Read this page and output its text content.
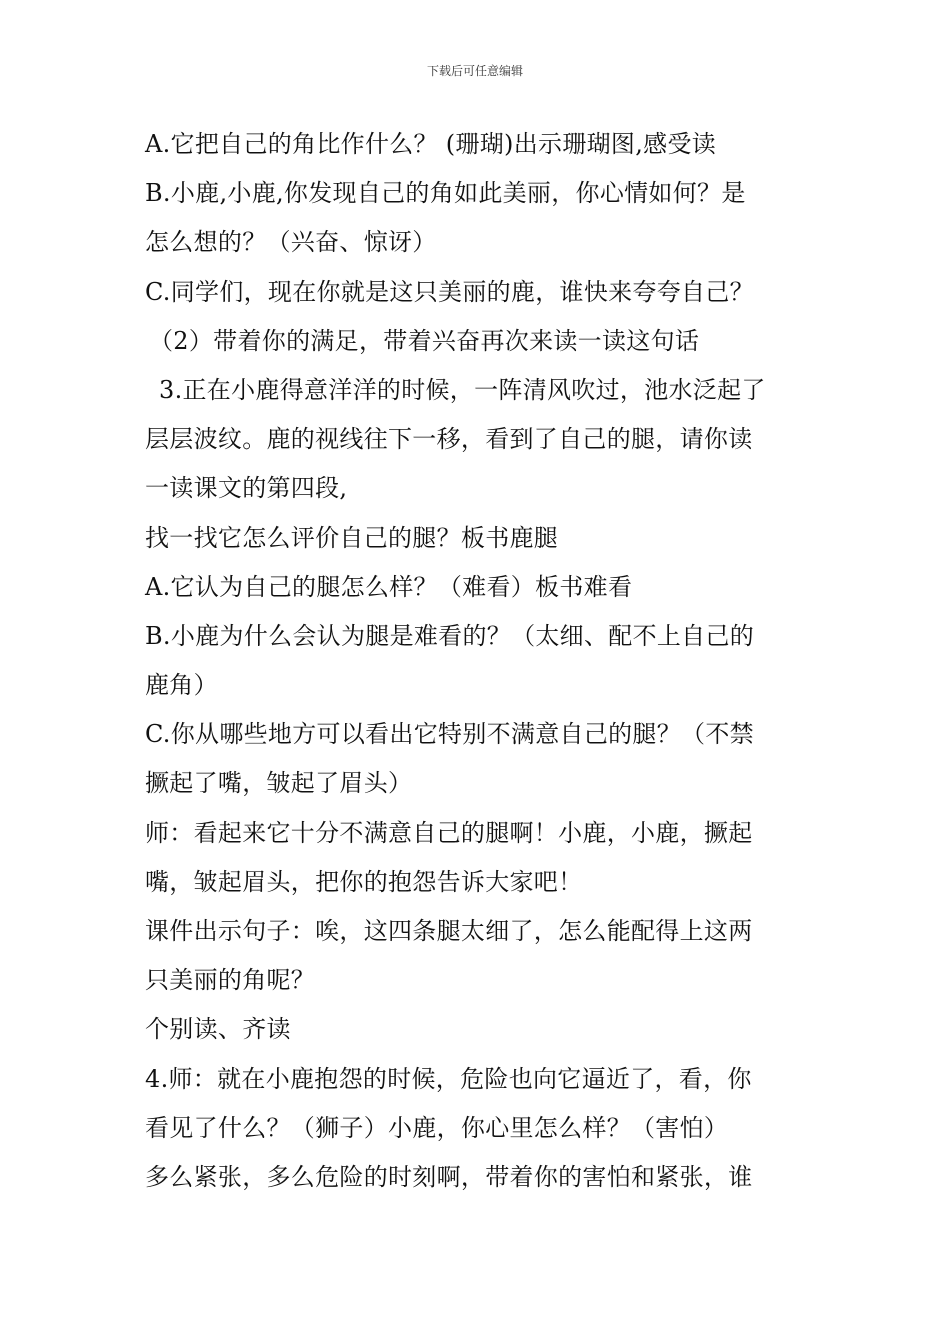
下载后可任意编辑
A.它把自己的角比作什么？ (珊瑚)出示珊瑚图,感受读
B.小鹿,小鹿,你发现自己的角如此美丽，你心情如何？是
怎么想的？（兴奋、惊讶）
C.同学们，现在你就是这只美丽的鹿，谁快来夸夸自己？
（2）带着你的满足，带着兴奋再次来读一读这句话
3.正在小鹿得意洋洋的时候，一阵清风吹过，池水泛起了
层层波纹。鹿的视线往下一移，看到了自己的腿，请你读
一读课文的第四段,
找一找它怎么评价自己的腿？板书鹿腿
A.它认为自己的腿怎么样？（难看）板书难看
B.小鹿为什么会认为腿是难看的？（太细、配不上自己的
鹿角）
C.你从哪些地方可以看出它特别不满意自己的腿？（不禁
撅起了嘴，皱起了眉头）
师：看起来它十分不满意自己的腿啊！小鹿，小鹿，撅起
嘴，皱起眉头，把你的抱怨告诉大家吧！
课件出示句子：唉，这四条腿太细了，怎么能配得上这两
只美丽的角呢？
个别读、齐读
4.师：就在小鹿抱怨的时候，危险也向它逼近了，看，你
看见了什么？（狮子）小鹿，你心里怎么样？（害怕）
多么紧张，多么危险的时刻啊，带着你的害怕和紧张，谁
